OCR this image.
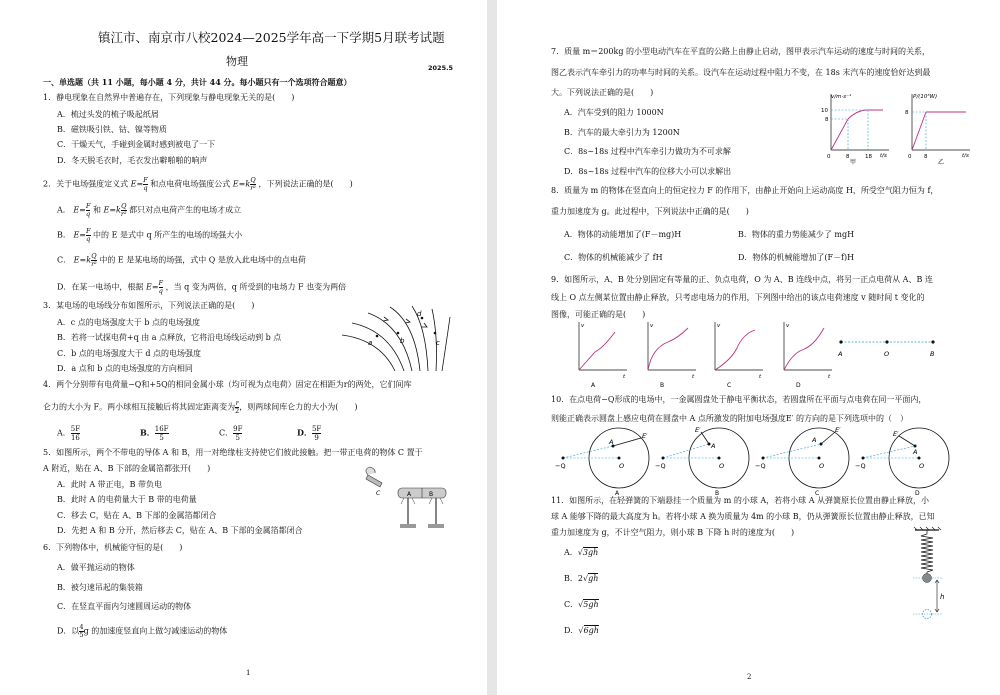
镇江市、南京市八校2024—2025学年高一下学期5月联考试题
物理	2025.5
一、单选题（共 11 小题，每小题 4 分，共计 44 分。每小题只有一个选项符合题意）
1．静电现象在自然界中普遍存在，下列现象与静电现象无关的是(　　)
A．梳过头发的梳子吸起纸屑
B．磁铁吸引铁、钴、镍等物质
C．干燥天气，手碰到金属时感到被电了一下
D．冬天脱毛衣时，毛衣发出噼啪啪的响声
2．关于电场强度定义式 $E= \frac{F}{q}$ 和点电荷电场强度公式 $E=k \frac{Q}{\text{r²}}$ ，下列说法正确的是(　　)
A． $E= \frac{F}{q}$ 和 $E=k \frac{Q}{\text{r²}}$ 都只对点电荷产生的电场才成立
B． $E= \frac{F}{q}$ 中的 E 是式中 q 所产生的电场的场强大小
C． $E=k \frac{Q}{\text{r²}}$ 中的 E 是某电场的场强，式中 Q 是放入此电场中的点电荷
D．在某一电场中，根据 $E= \frac{F}{q}$ ，当 q 变为两倍，q 所受到的电场力 F 也变为两倍
3．某电场的电场线分布如图所示，下列说法正确的是(　　)
A．c 点的电场强度大于 b 点的电场强度
B．若将一试探电荷+q 由 a 点释放，它将沿电场线运动到 b 点
C．b 点的电场强度大于 d 点的电场强度
D．a 点和 b 点的电场强度的方向相同
a	b	c
d
4．两个分别带有电荷量−Q和+5Q的相同金属小球（均可视为点电荷）固定在相距为r的两处，它们间库
仑力的大小为 F。两小球相互接触后将其固定距离变为 $\frac{r}{2}$ ，则两球间库仑力的大小为(　　)
A． $\frac{5F}{16}$	B． $\frac{16F}{5}$	C． $\frac{9F}{5}$	D． $\frac{5F}{9}$
5．如图所示，两个不带电的导体 A 和 B，用一对绝缘柱支持使它们彼此接触。把一带正电荷的物体 C 置于
A 附近，贴在 A、B 下部的金属箔都张开(　　)
A．此时 A 带正电，B 带负电
B．此时 A 的电荷量大于 B 带的电荷量
C．移去 C，贴在 A、B 下部的金属箔都闭合
D．先把 A 和 B 分开，然后移去 C，贴在 A、B 下部的金属箔都闭合
C	A	B
6．下列物体中，机械能守恒的是(　　)
A．做平抛运动的物体
B．被匀速吊起的集装箱
C．在竖直平面内匀速圆周运动的物体
D．以 $\frac{4}{5}$ g 的加速度竖直向上做匀减速运动的物体
1
7．质量 m＝200kg 的小型电动汽车在平直的公路上由静止启动，图甲表示汽车运动的速度与时间的关系，
图乙表示汽车牵引力的功率与时间的关系。设汽车在运动过程中阻力不变，在 18s 末汽车的速度恰好达到最
大。下列说法正确的是(　　)
A．汽车受到的阻力 1000N
B．汽车的最大牵引力为 1200N
C．8s~18s 过程中汽车牵引力做功为不可求解
D．8s~18s 过程中汽车的位移大小可以求解出
v/m·s⁻¹
t/s
10
8
0	8	18
甲
P/(10³W)
t/s
8
0 8
乙
8．质量为 m 的物体在竖直向上的恒定拉力 F 的作用下，由静止开始向上运动高度 H，所受空气阻力恒为 f，
重力加速度为 g。此过程中，下列说法中正确的是(　　)
A．物体的动能增加了(F－mg)H	B．物体的重力势能减少了 mgH
C．物体的机械能减少了 fH	D．物体的机械能增加了(F－f)H
9．如图所示，A、B 处分别固定有等量的正、负点电荷，O 为 A、B 连线中点，将另一正点电荷从 A、B 连
线上 O 点左侧某位置由静止释放，只考虑电场力的作用，下列图中给出的该点电荷速度 v 随时间 t 变化的
图像，可能正确的是(　　)
v
t
A
v
t
B
v
t
C
v
t
D
A	O	B
10．在点电荷−Q形成的电场中，一金属圆盘处于静电平衡状态，若圆盘所在平面与点电荷在同一平面内，
则能正确表示圆盘上感应电荷在圆盘中 A 点所激发的附加电场强度E′ 的方向的是下列选项中的（　）
−Q
A
O
E′
A
−Q
A
O
E′
B
−Q
A
O
E′
C
−Q
A
O
E′
D
11．如图所示，在轻弹簧的下端悬挂一个质量为 m 的小球 A，若将小球 A 从弹簧原长位置由静止释放，小
球 A 能够下降的最大高度为 h。若将小球 A 换为质量为 4m 的小球 B，仍从弹簧原长位置由静止释放，已知
重力加速度为 g，不计空气阻力，则小球 B 下降 h 时的速度为(　　)
A．√3gh
B．2√gh
C．√5gh
D．√6gh
h
2
